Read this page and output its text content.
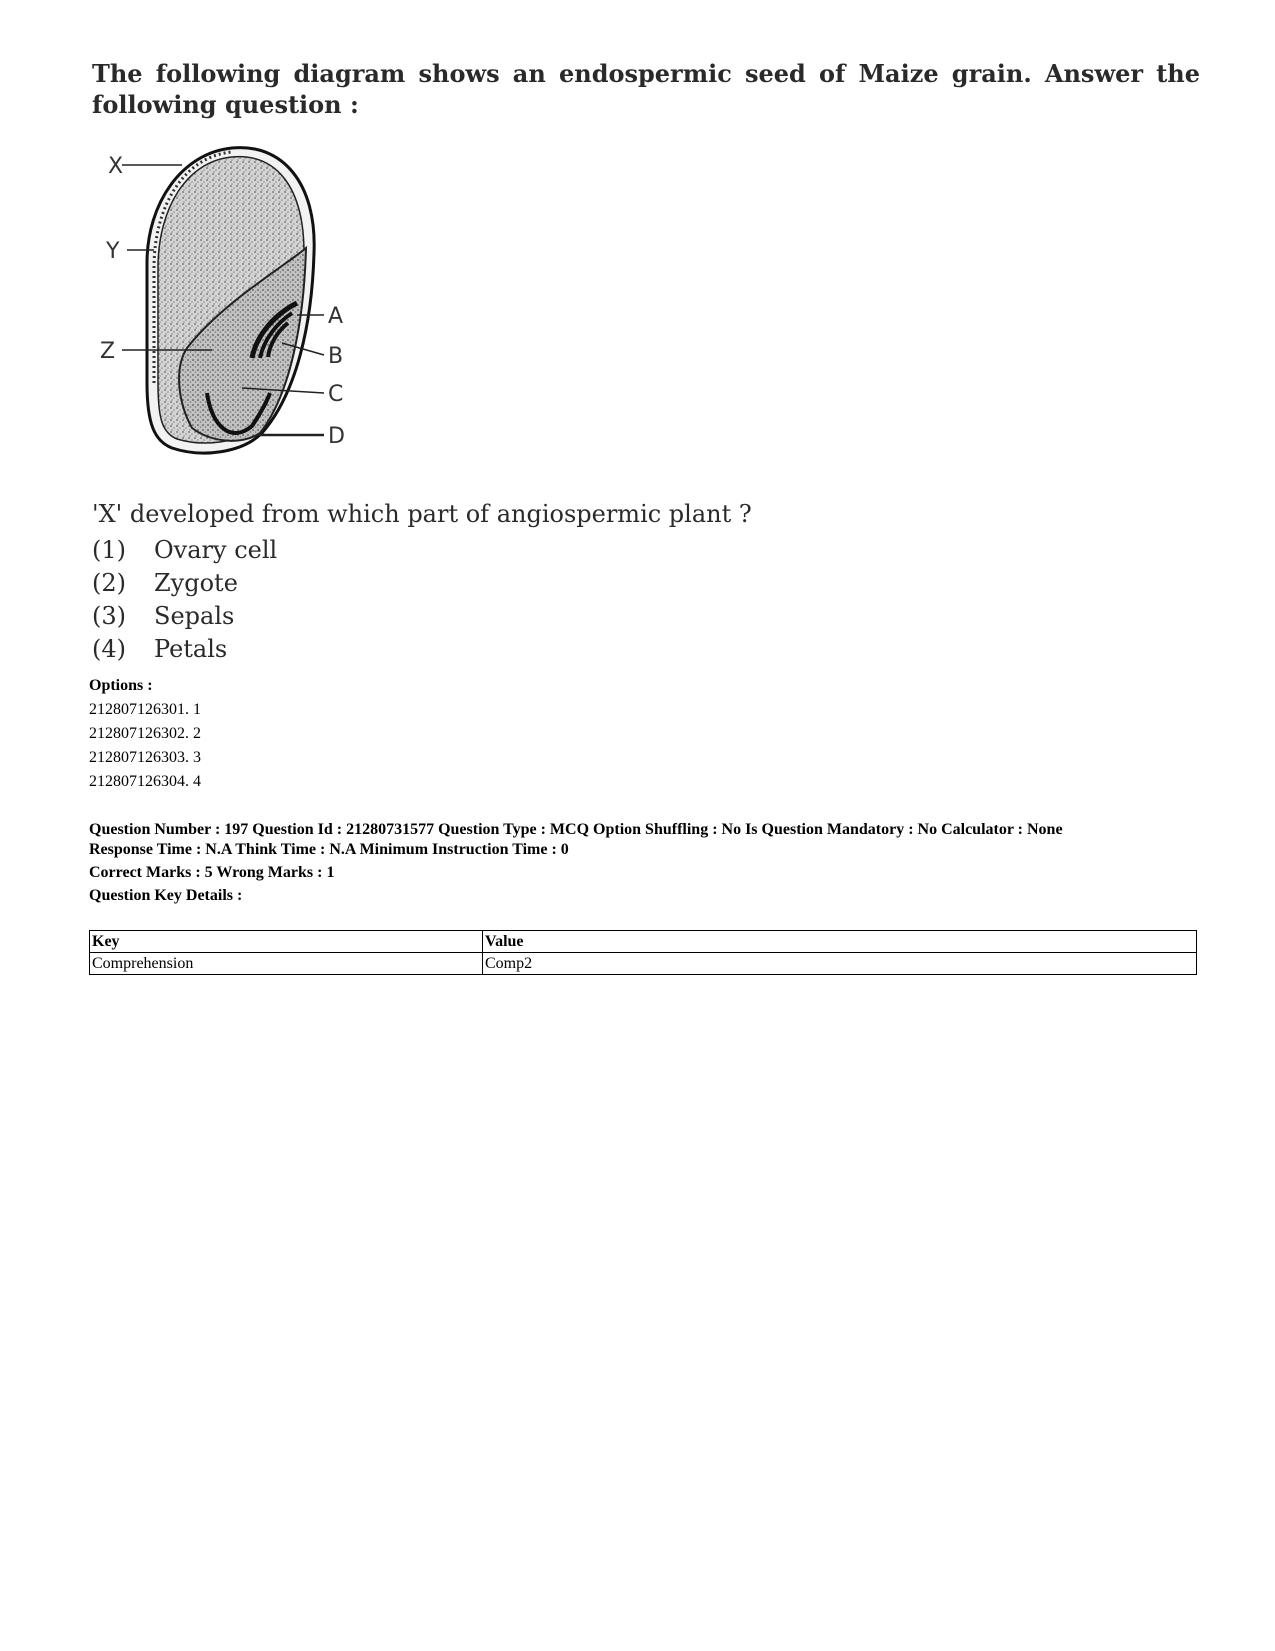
The following diagram shows an endospermic seed of Maize grain. Answer the following question :

X
Y
Z
A
B
C
D
'X' developed from which part of angiospermic plant ?
(1) Ovary cell
(2) Zygote
(3) Sepals
(4) Petals
Options :
212807126301. 1
212807126302. 2
212807126303. 3
212807126304. 4
Question Number : 197 Question Id : 21280731577 Question Type : MCQ Option Shuffling : No Is Question Mandatory : No Calculator : None
Response Time : N.A Think Time : N.A Minimum Instruction Time : 0
Correct Marks : 5 Wrong Marks : 1
Question Key Details :
Key	Value
Comprehension	Comp2
